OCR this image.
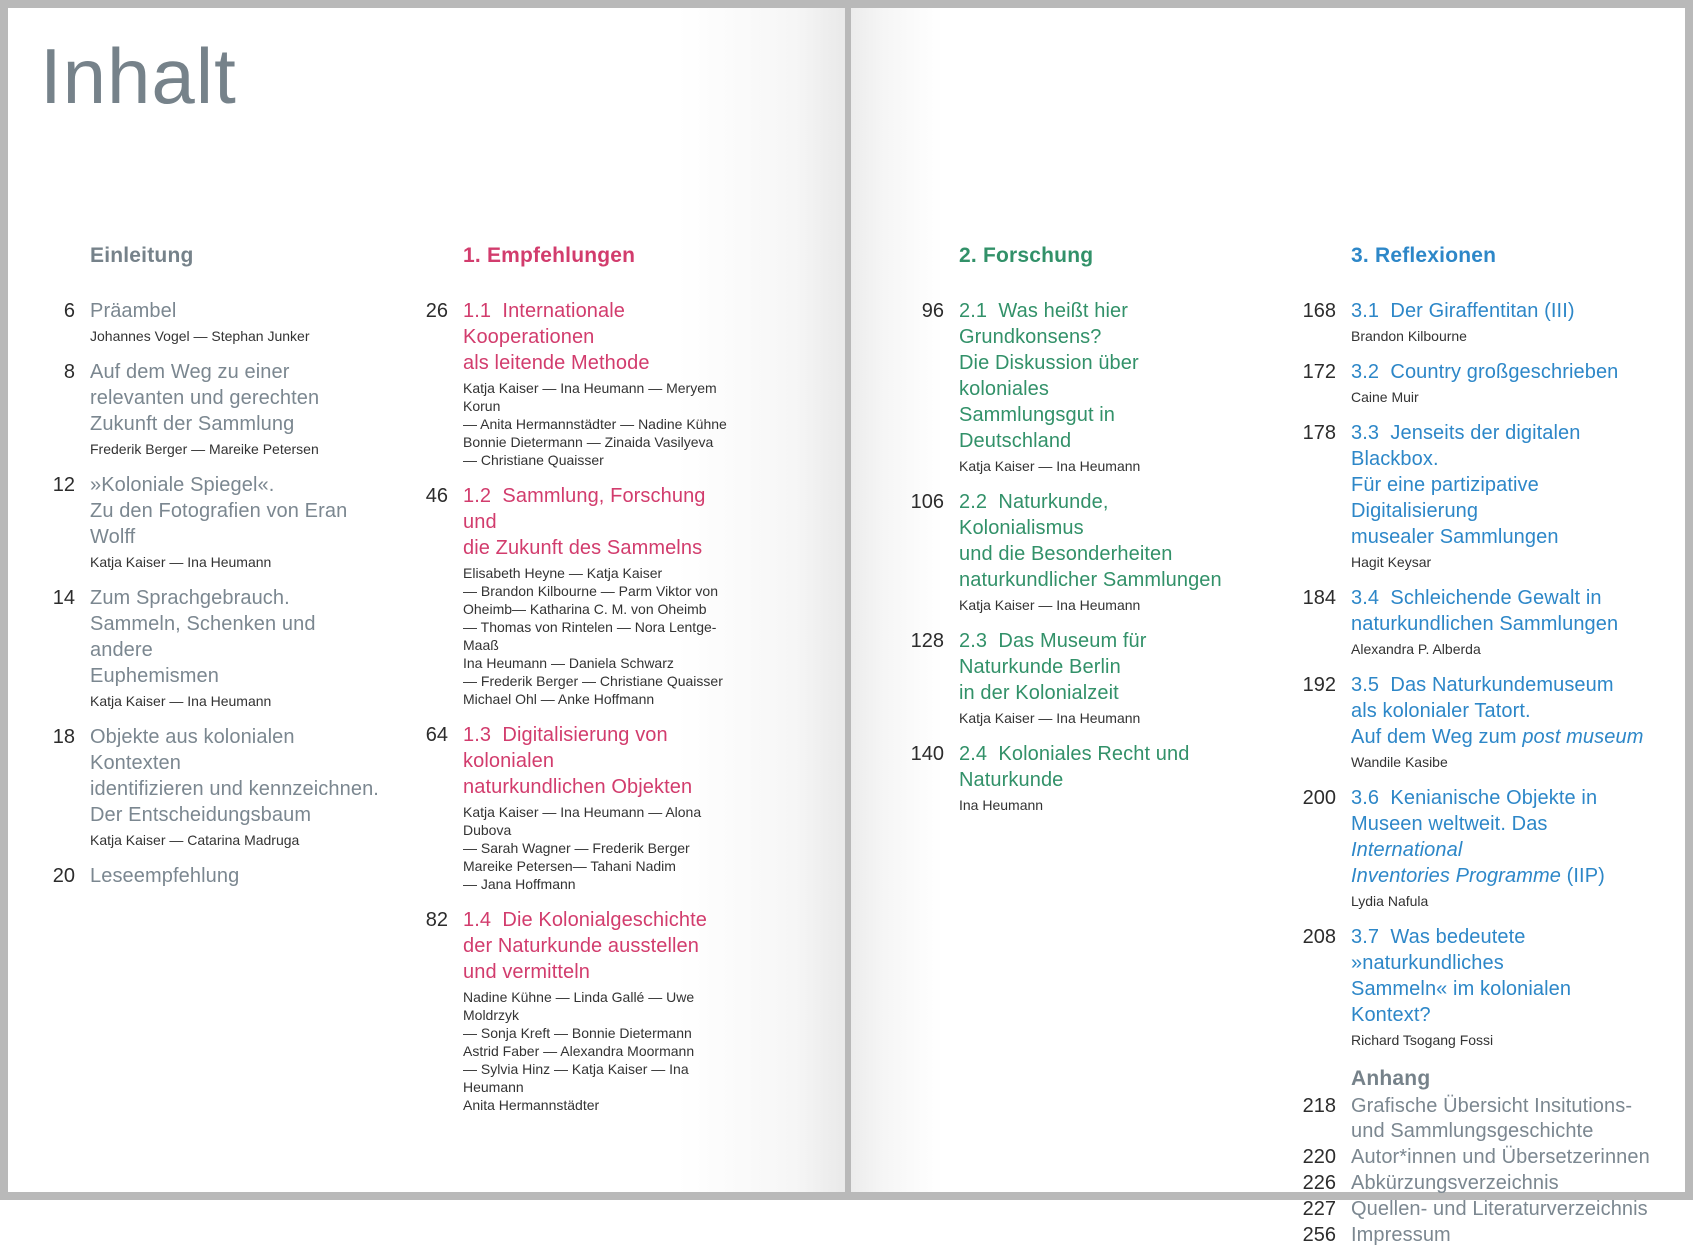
Inhalt
Einleitung
6 Präambel
Johannes Vogel — Stephan Junker
8 Auf dem Weg zu einer
relevanten und gerechten
Zukunft der Sammlung
Frederik Berger — Mareike Petersen
12 »Koloniale Spiegel«.
Zu den Fotografien von Eran Wolff
Katja Kaiser — Ina Heumann
14 Zum Sprachgebrauch.
Sammeln, Schenken und andere
Euphemismen
Katja Kaiser — Ina Heumann
18 Objekte aus kolonialen Kontexten
identifizieren und kennzeichnen.
Der Entscheidungsbaum
Katja Kaiser — Catarina Madruga
20 Leseempfehlung
1. Empfehlungen
26 1.1  Internationale Kooperationen
als leitende Methode
Katja Kaiser — Ina Heumann — Meryem Korun
— Anita Hermannstädter — Nadine Kühne
Bonnie Dietermann — Zinaida Vasilyeva
— Christiane Quaisser
46 1.2  Sammlung, Forschung und
die Zukunft des Sammelns
Elisabeth Heyne — Katja Kaiser
— Brandon Kilbourne — Parm Viktor von
Oheimb— Katharina C. M. von Oheimb
— Thomas von Rintelen — Nora Lentge-Maaß
Ina Heumann — Daniela Schwarz
— Frederik Berger — Christiane Quaisser
Michael Ohl — Anke Hoffmann
64 1.3  Digitalisierung von kolonialen
naturkundlichen Objekten
Katja Kaiser — Ina Heumann — Alona Dubova
— Sarah Wagner — Frederik Berger
Mareike Petersen— Tahani Nadim
— Jana Hoffmann
82 1.4  Die Kolonialgeschichte
der Naturkunde ausstellen
und vermitteln
Nadine Kühne — Linda Gallé — Uwe Moldrzyk
— Sonja Kreft — Bonnie Dietermann
Astrid Faber — Alexandra Moormann
— Sylvia Hinz — Katja Kaiser — Ina Heumann
Anita Hermannstädter
2. Forschung
96 2.1  Was heißt hier Grundkonsens?
Die Diskussion über koloniales
Sammlungsgut in Deutschland
Katja Kaiser — Ina Heumann
106 2.2  Naturkunde, Kolonialismus
und die Besonderheiten
naturkundlicher Sammlungen
Katja Kaiser — Ina Heumann
128 2.3  Das Museum für
Naturkunde Berlin
in der Kolonialzeit
Katja Kaiser — Ina Heumann
140 2.4  Koloniales Recht und
Naturkunde
Ina Heumann
3. Reflexionen
168 3.1  Der Giraffentitan (III)
Brandon Kilbourne
172 3.2  Country großgeschrieben
Caine Muir
178 3.3  Jenseits der digitalen Blackbox.
Für eine partizipative Digitalisierung
musealer Sammlungen
Hagit Keysar
184 3.4  Schleichende Gewalt in
naturkundlichen Sammlungen
Alexandra P. Alberda
192 3.5  Das Naturkundemuseum
als kolonialer Tatort.
Auf dem Weg zum post museum
Wandile Kasibe
200 3.6  Kenianische Objekte in
Museen weltweit. Das International
Inventories Programme (IIP)
Lydia Nafula
208 3.7  Was bedeutete »naturkundliches
Sammeln« im kolonialen Kontext?
Richard Tsogang Fossi
Anhang
218 Grafische Übersicht Insitutions-
und Sammlungsgeschichte
220 Autor*innen und Übersetzerinnen
226 Abkürzungsverzeichnis
227 Quellen- und Literaturverzeichnis
256 Impressum
